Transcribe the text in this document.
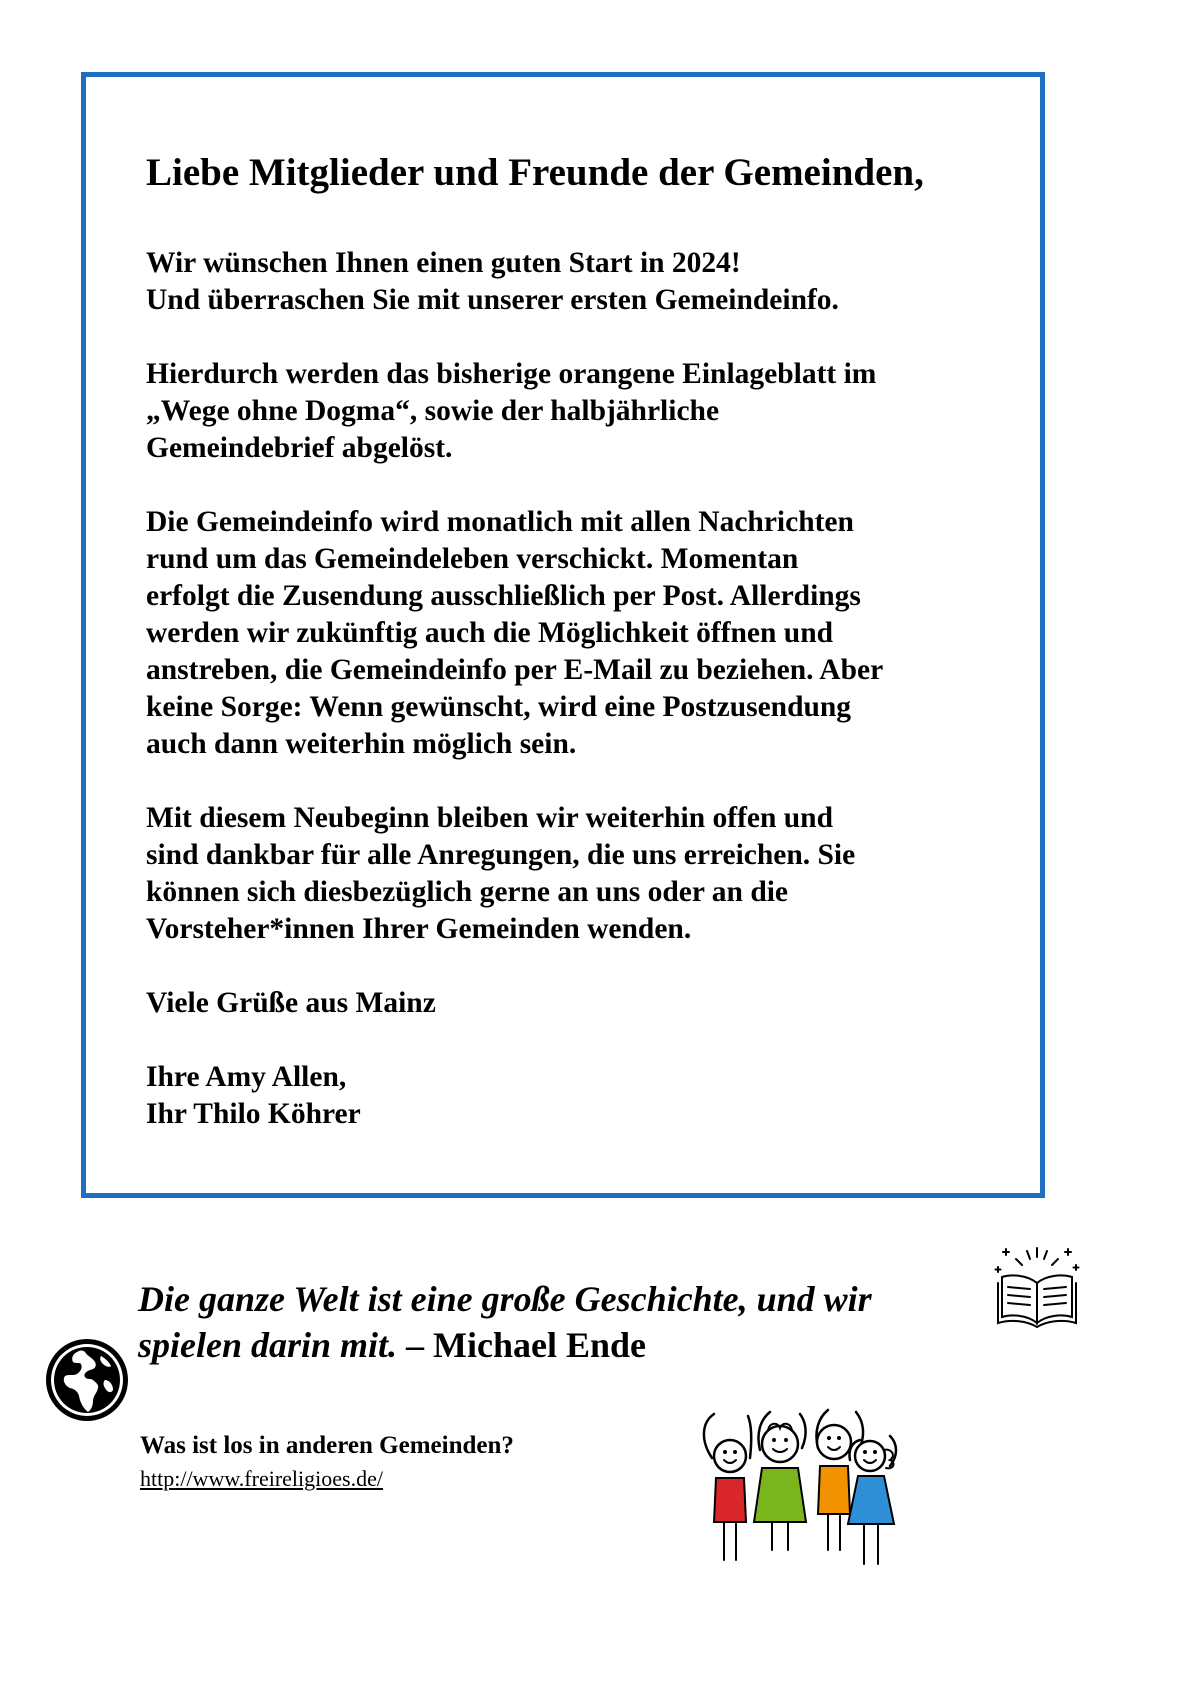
Liebe Mitglieder und Freunde der Gemeinden,
Wir wünschen Ihnen einen guten Start in 2024!
Und überraschen Sie mit unserer ersten Gemeindeinfo.
Hierdurch werden das bisherige orangene Einlageblatt im
„Wege ohne Dogma“, sowie der halbjährliche
Gemeindebrief abgelöst.
Die Gemeindeinfo wird monatlich mit allen Nachrichten
rund um das Gemeindeleben verschickt. Momentan
erfolgt die Zusendung ausschließlich per Post. Allerdings
werden wir zukünftig auch die Möglichkeit öffnen und
anstreben, die Gemeindeinfo per E-Mail zu beziehen. Aber
keine Sorge: Wenn gewünscht, wird eine Postzusendung
auch dann weiterhin möglich sein.
Mit diesem Neubeginn bleiben wir weiterhin offen und
sind dankbar für alle Anregungen, die uns erreichen. Sie
können sich diesbezüglich gerne an uns oder an die
Vorsteher*innen Ihrer Gemeinden wenden.
Viele Grüße aus Mainz
Ihre Amy Allen,
Ihr Thilo Köhrer
Die ganze Welt ist eine große Geschichte, und wir
spielen darin mit. – Michael Ende
Was ist los in anderen Gemeinden?
http://www.freireligioes.de/
